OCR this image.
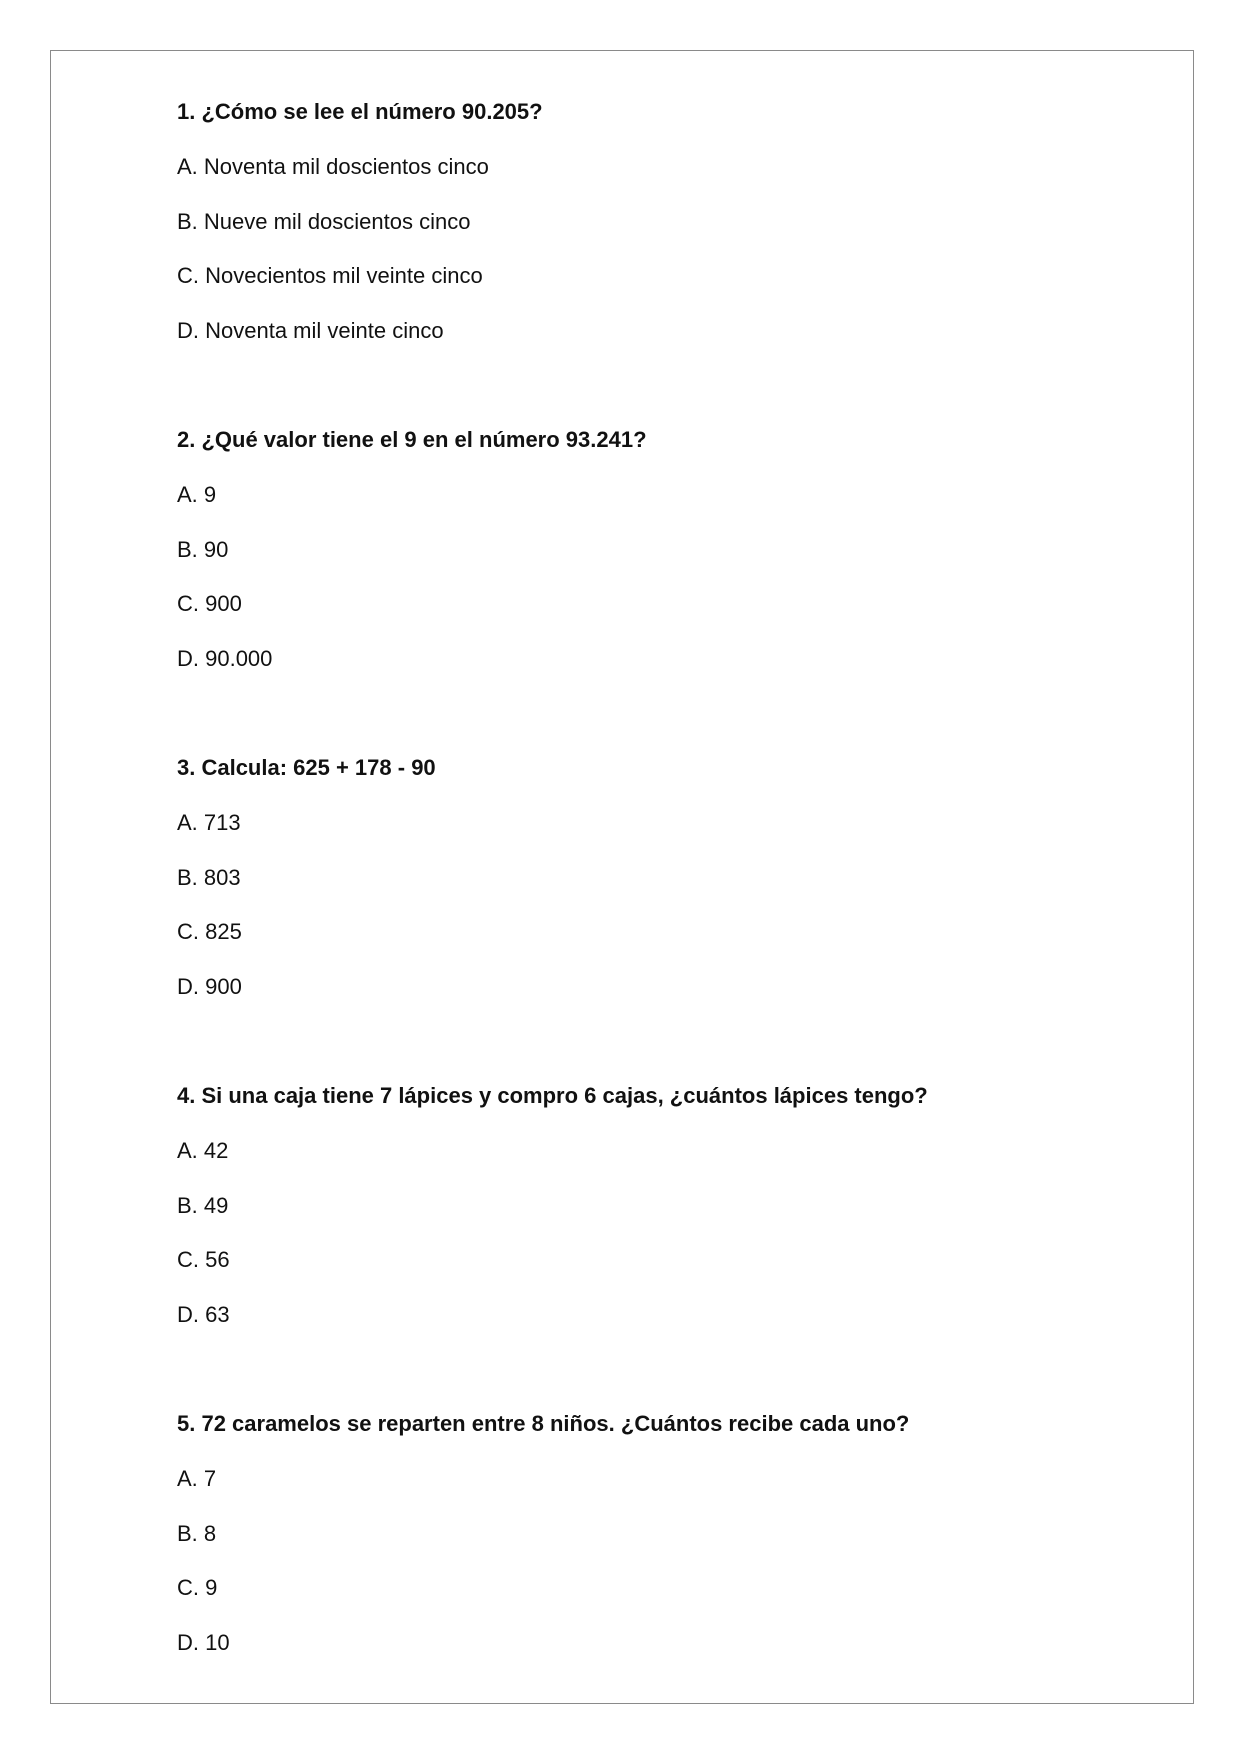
1. ¿Cómo se lee el número 90.205?
A. Noventa mil doscientos cinco
B. Nueve mil doscientos cinco
C. Novecientos mil veinte cinco
D. Noventa mil veinte cinco
2. ¿Qué valor tiene el 9 en el número 93.241?
A. 9
B. 90
C. 900
D. 90.000
3. Calcula: 625 + 178 - 90
A. 713
B. 803
C. 825
D. 900
4. Si una caja tiene 7 lápices y compro 6 cajas, ¿cuántos lápices tengo?
A. 42
B. 49
C. 56
D. 63
5. 72 caramelos se reparten entre 8 niños. ¿Cuántos recibe cada uno?
A. 7
B. 8
C. 9
D. 10
